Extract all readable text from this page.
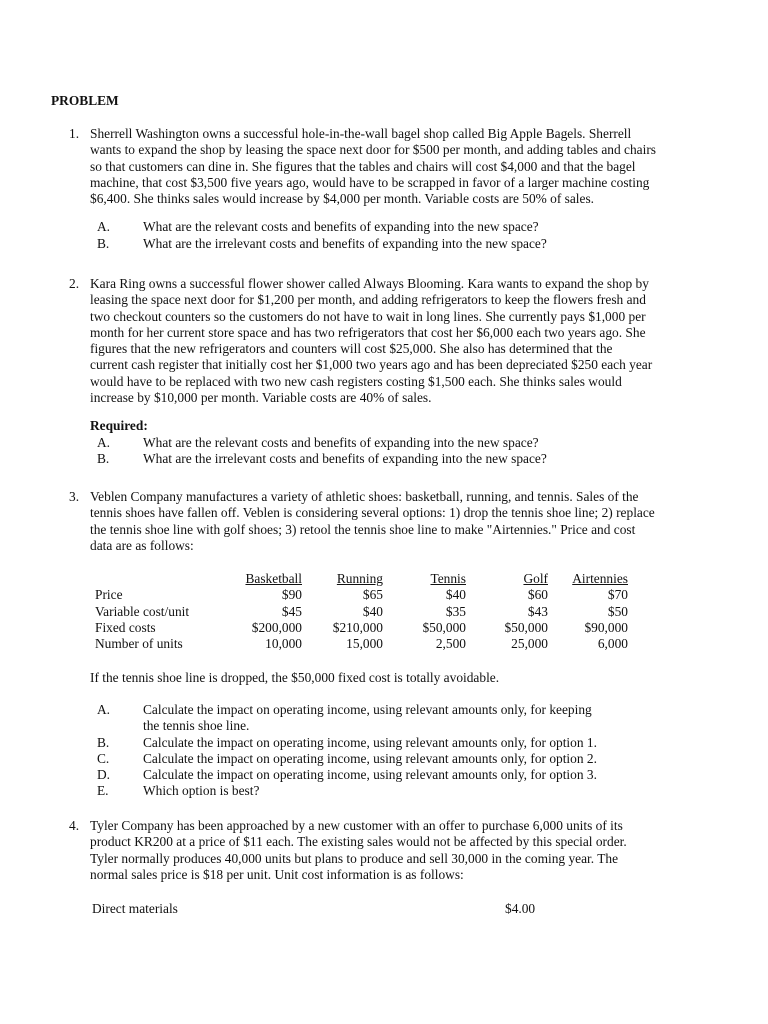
PROBLEM
1. Sherrell Washington owns a successful hole-in-the-wall bagel shop called Big Apple Bagels. Sherrell
wants to expand the shop by leasing the space next door for $500 per month, and adding tables and chairs
so that customers can dine in. She figures that the tables and chairs will cost $4,000 and that the bagel
machine, that cost $3,500 five years ago, would have to be scrapped in favor of a larger machine costing
$6,400. She thinks sales would increase by $4,000 per month. Variable costs are 50% of sales.
A.	What are the relevant costs and benefits of expanding into the new space?
B.	What are the irrelevant costs and benefits of expanding into the new space?
2. Kara Ring owns a successful flower shower called Always Blooming. Kara wants to expand the shop by
leasing the space next door for $1,200 per month, and adding refrigerators to keep the flowers fresh and
two checkout counters so the customers do not have to wait in long lines. She currently pays $1,000 per
month for her current store space and has two refrigerators that cost her $6,000 each two years ago. She
figures that the new refrigerators and counters will cost $25,000. She also has determined that the
current cash register that initially cost her $1,000 two years ago and has been depreciated $250 each year
would have to be replaced with two new cash registers costing $1,500 each. She thinks sales would
increase by $10,000 per month. Variable costs are 40% of sales.
Required:
A.	What are the relevant costs and benefits of expanding into the new space?
B.	What are the irrelevant costs and benefits of expanding into the new space?
3. Veblen Company manufactures a variety of athletic shoes: basketball, running, and tennis. Sales of the
tennis shoes have fallen off. Veblen is considering several options: 1) drop the tennis shoe line; 2) replace
the tennis shoe line with golf shoes; 3) retool the tennis shoe line to make "Airtennies." Price and cost
data are as follows:
	Basketball	Running	Tennis	Golf	Airtennies
Price	$90	$65	$40	$60	$70
Variable cost/unit	$45	$40	$35	$43	$50
Fixed costs	$200,000	$210,000	$50,000	$50,000	$90,000
Number of units	10,000	15,000	2,500	25,000	6,000
If the tennis shoe line is dropped, the $50,000 fixed cost is totally avoidable.
A.	Calculate the impact on operating income, using relevant amounts only, for keeping
the tennis shoe line.
B.	Calculate the impact on operating income, using relevant amounts only, for option 1.
C.	Calculate the impact on operating income, using relevant amounts only, for option 2.
D.	Calculate the impact on operating income, using relevant amounts only, for option 3.
E.	Which option is best?
4. Tyler Company has been approached by a new customer with an offer to purchase 6,000 units of its
product KR200 at a price of $11 each. The existing sales would not be affected by this special order.
Tyler normally produces 40,000 units but plans to produce and sell 30,000 in the coming year. The
normal sales price is $18 per unit. Unit cost information is as follows:
Direct materials	$4.00
